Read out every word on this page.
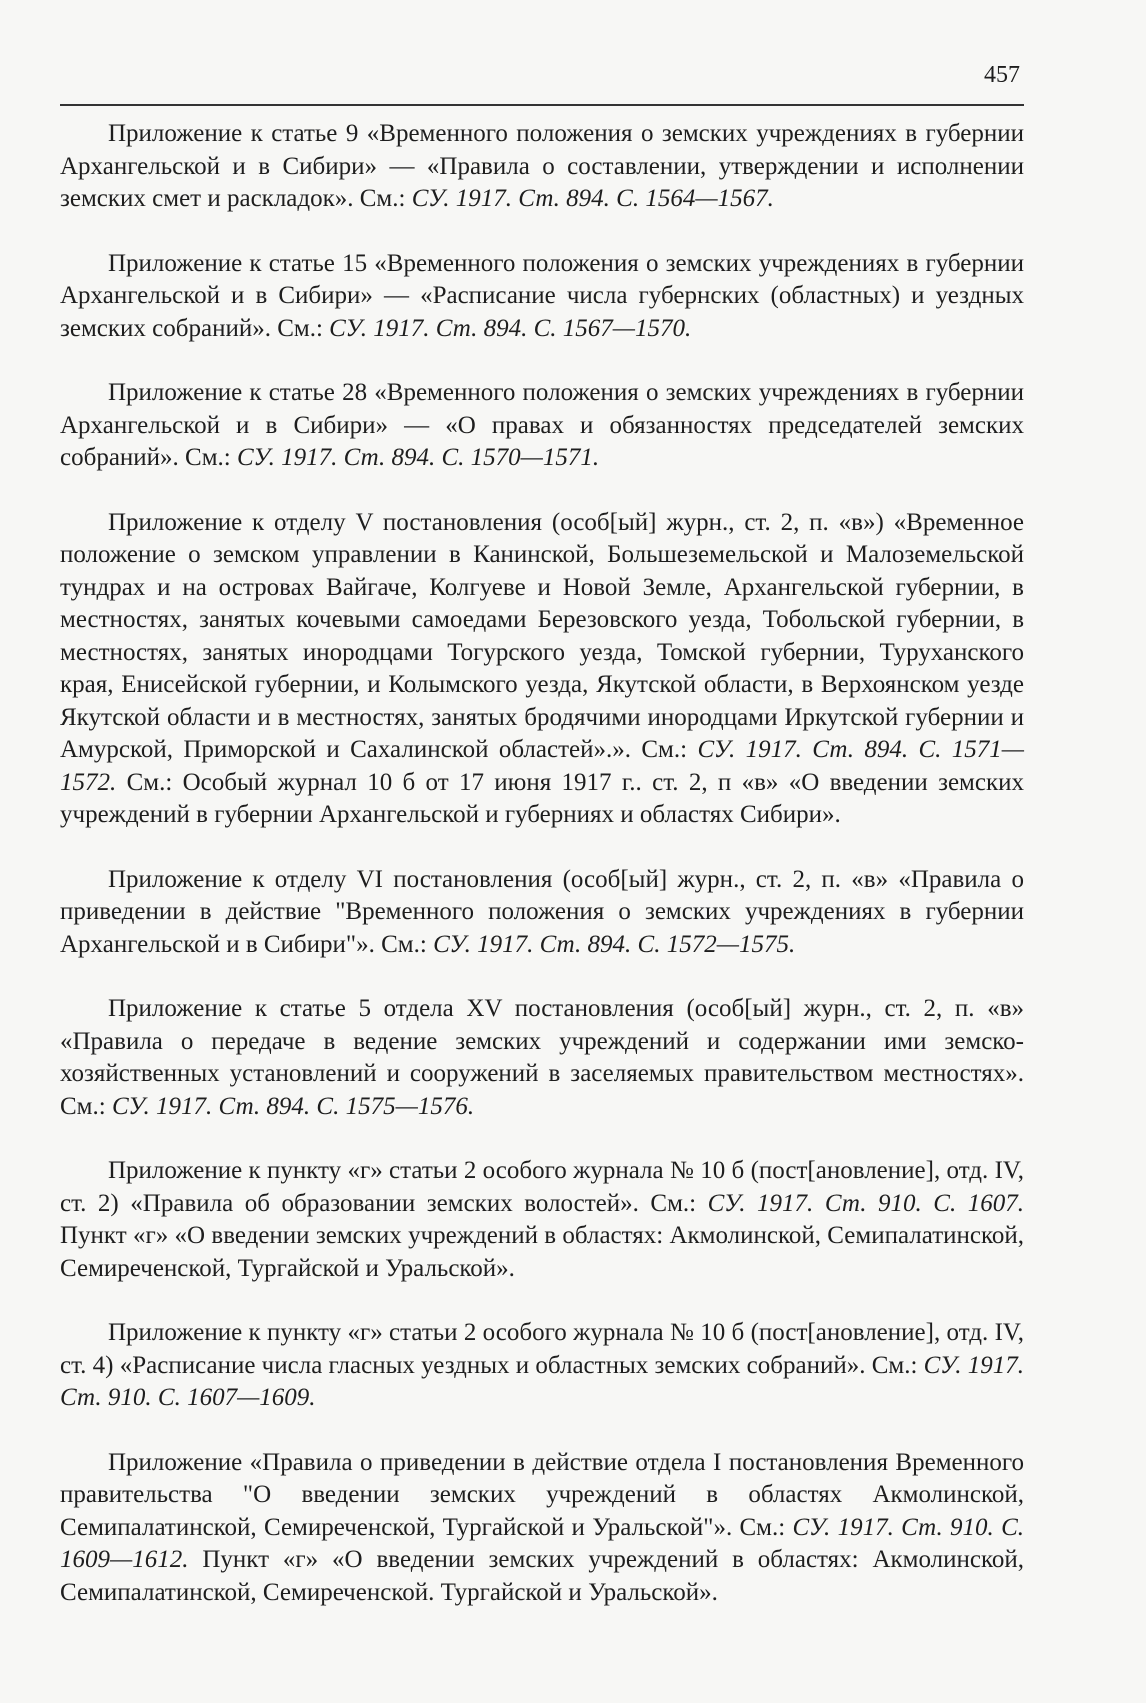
457

Приложение к статье 9 «Временного положения о земских учреждениях в губернии Архангельской и в Сибири» — «Правила о составлении, утверждении и исполнении земских смет и раскладок». См.: СУ. 1917. Ст. 894. С. 1564—1567.

Приложение к статье 15 «Временного положения о земских учреждениях в губернии Архангельской и в Сибири» — «Расписание числа губернских (областных) и уездных земских собраний». См.: СУ. 1917. Ст. 894. С. 1567—1570.

Приложение к статье 28 «Временного положения о земских учреждениях в губернии Архангельской и в Сибири» — «О правах и обязанностях председателей земских собраний». См.: СУ. 1917. Ст. 894. С. 1570—1571.

Приложение к отделу V постановления (особ[ый] журн., ст. 2, п. «в») «Временное положение о земском управлении в Канинской, Большеземельской и Малоземельской тундрах и на островах Вайгаче, Колгуеве и Новой Земле, Архангельской губернии, в местностях, занятых кочевыми самоедами Березовского уезда, Тобольской губернии, в местностях, занятых инородцами Тогурского уезда, Томской губернии, Туруханского края, Енисейской губернии, и Колымского уезда, Якутской области, в Верхоянском уезде Якутской области и в местностях, занятых бродячими инородцами Иркутской губернии и Амурской, Приморской и Сахалинской областей».». См.: СУ. 1917. Ст. 894. С. 1571—1572. См.: Особый журнал 10 б от 17 июня 1917 г.. ст. 2, п «в» «О введении земских учреждений в губернии Архангельской и губерниях и областях Сибири».

Приложение к отделу VI постановления (особ[ый] журн., ст. 2, п. «в» «Правила о приведении в действие "Временного положения о земских учреждениях в губернии Архангельской и в Сибири"». См.: СУ. 1917. Ст. 894. С. 1572—1575.

Приложение к статье 5 отдела XV постановления (особ[ый] журн., ст. 2, п. «в» «Правила о передаче в ведение земских учреждений и содержании ими земско-хозяйственных установлений и сооружений в заселяемых правительством местностях». См.: СУ. 1917. Ст. 894. С. 1575—1576.

Приложение к пункту «г» статьи 2 особого журнала № 10 б (пост[ановление], отд. IV, ст. 2) «Правила об образовании земских волостей». См.: СУ. 1917. Ст. 910. С. 1607. Пункт «г» «О введении земских учреждений в областях: Акмолинской, Семипалатинской, Семиреченской, Тургайской и Уральской».

Приложение к пункту «г» статьи 2 особого журнала № 10 б (пост[ановление], отд. IV, ст. 4) «Расписание числа гласных уездных и областных земских собраний». См.: СУ. 1917. Ст. 910. С. 1607—1609.

Приложение «Правила о приведении в действие отдела I постановления Временного правительства "О введении земских учреждений в областях Акмолинской, Семипалатинской, Семиреченской, Тургайской и Уральской"». См.: СУ. 1917. Ст. 910. С. 1609—1612. Пункт «г» «О введении земских учреждений в областях: Акмолинской, Семипалатинской, Семиреченской. Тургайской и Уральской».
